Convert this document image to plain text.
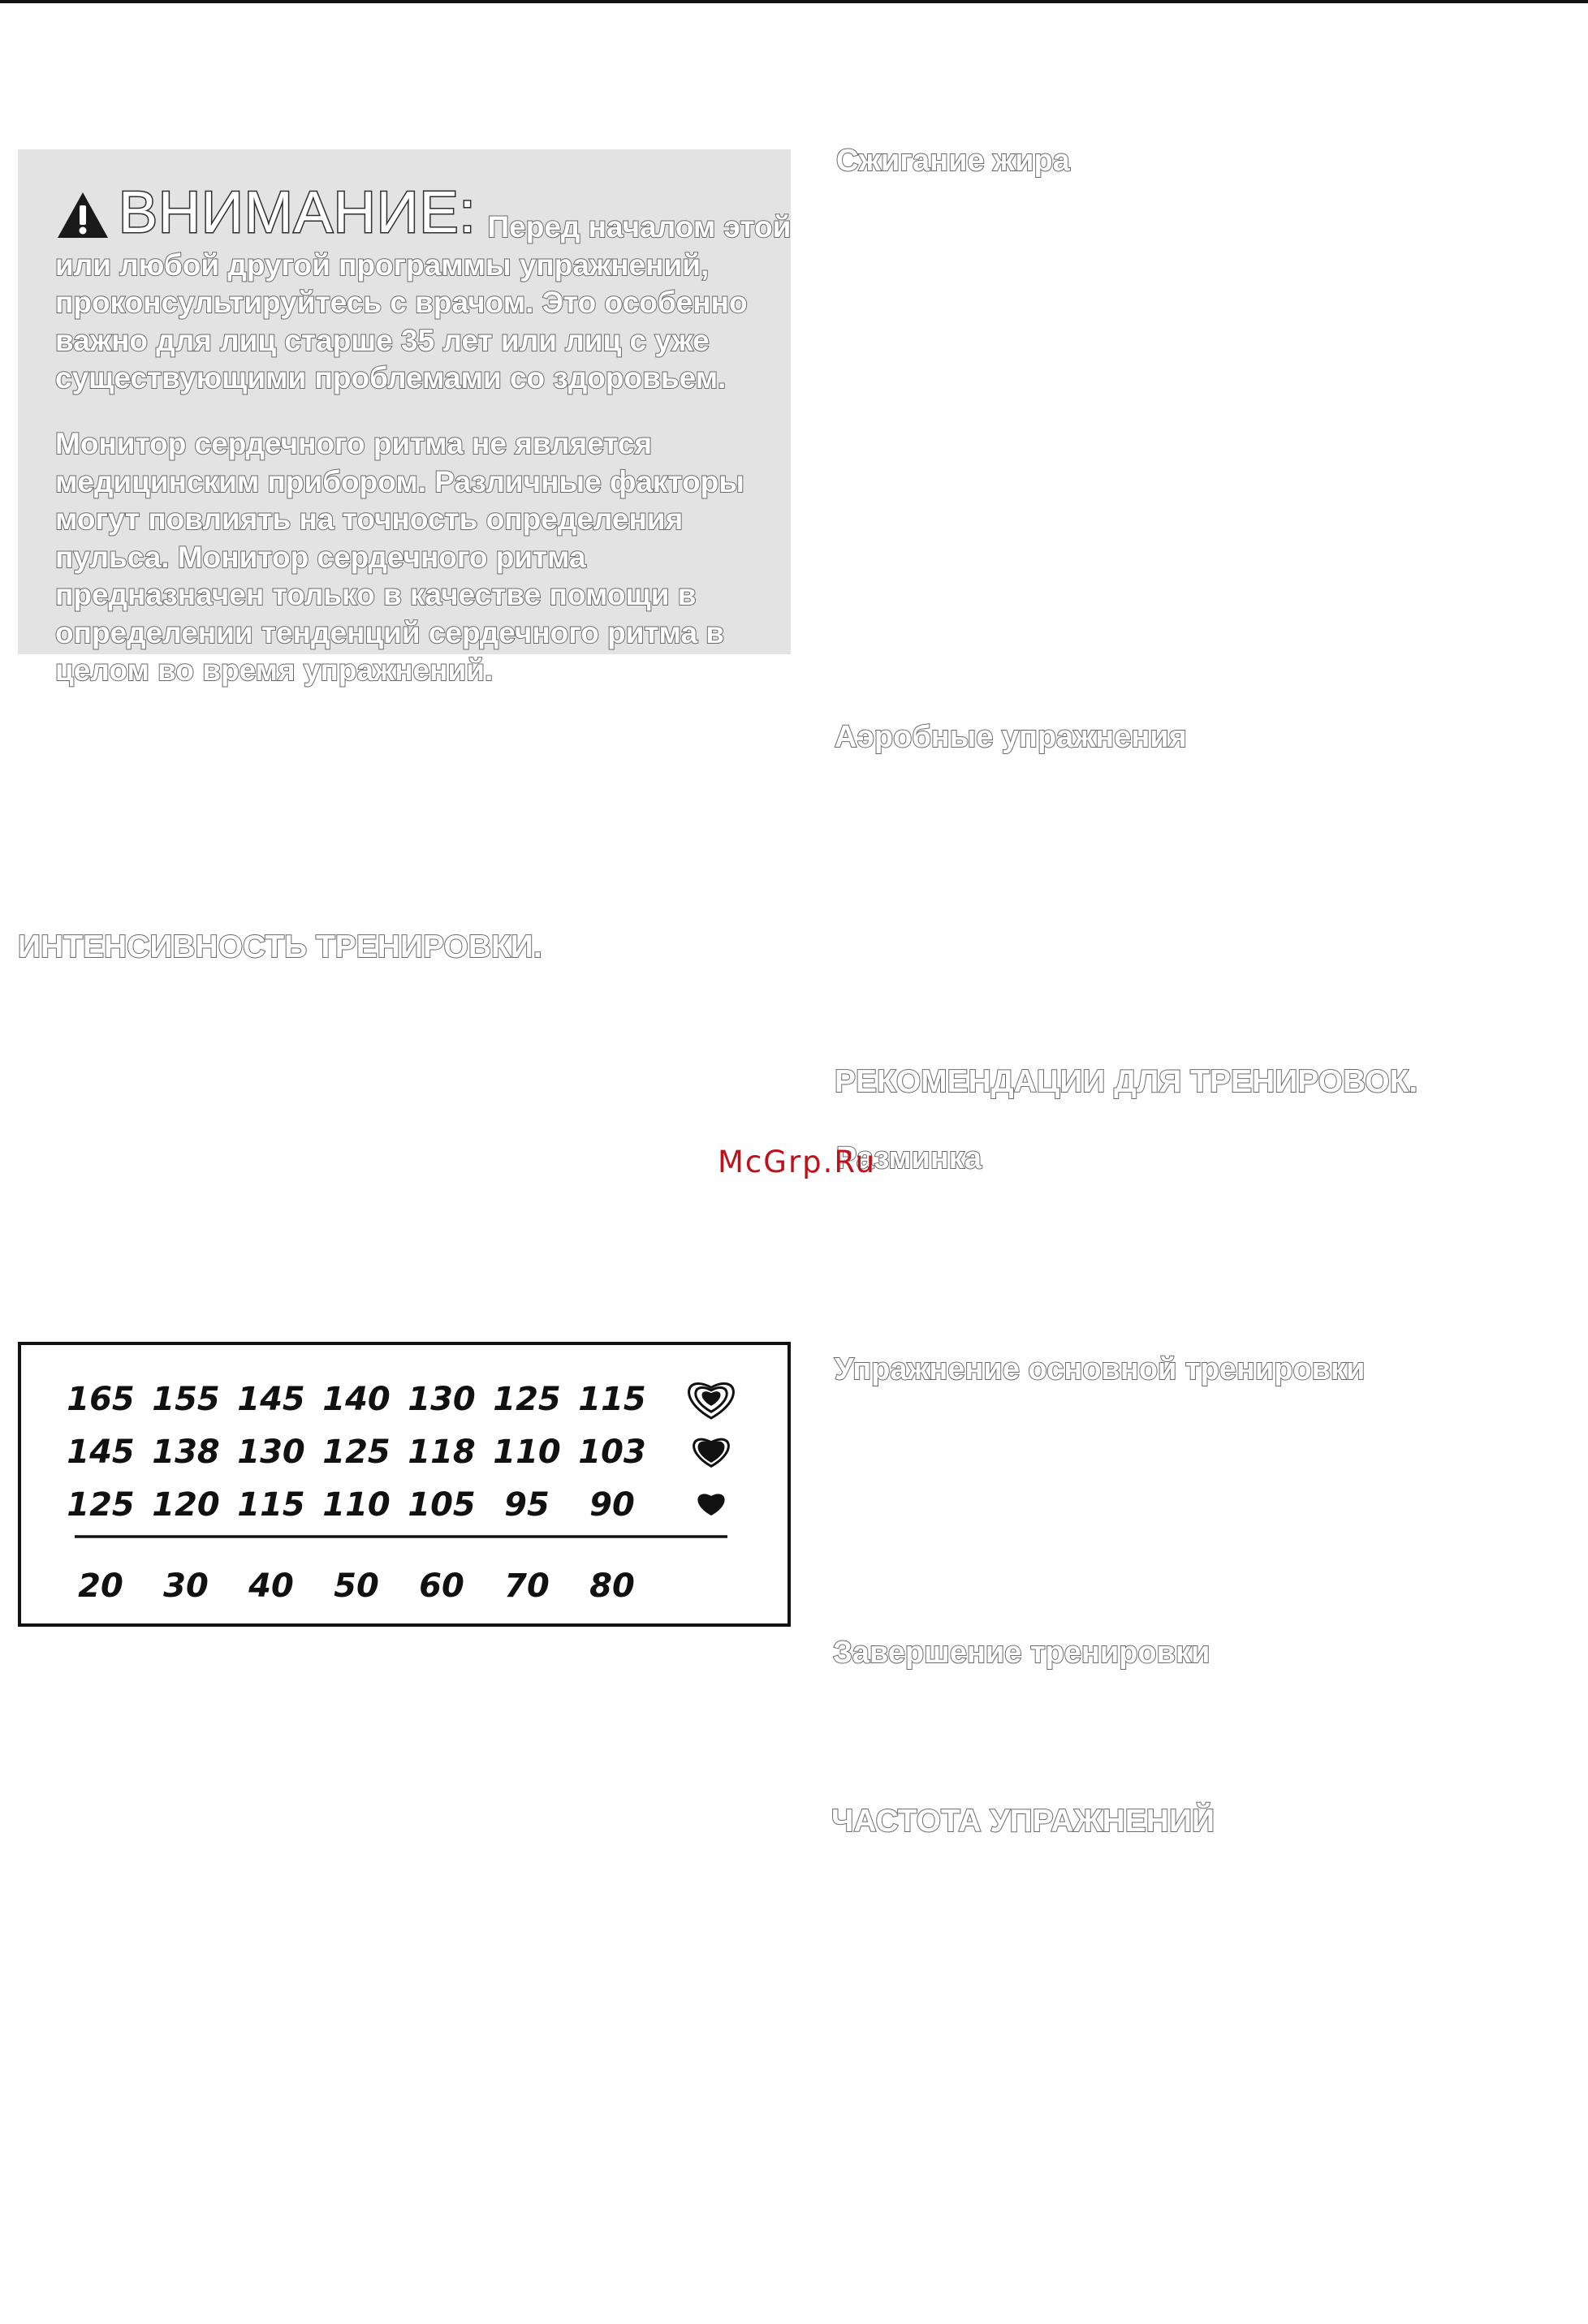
ВНИМАНИЕ: Перед началом этой или любой другой программы упражнений, проконсультируйтесь с врачом. Это особенно важно для лиц старше 35 лет или лиц с уже существующими проблемами со здоровьем.

Монитор сердечного ритма не является медицинским прибором. Различные факторы могут повлиять на точность определения пульса. Монитор сердечного ритма предназначен только в качестве помощи в определении тенденций сердечного ритма в целом во время упражнений.

ИНТЕНСИВНОСТЬ ТРЕНИРОВКИ.
Сжигание жира
Аэробные упражнения
РЕКОМЕНДАЦИИ ДЛЯ ТРЕНИРОВОК.
Разминка
Упражнение основной тренировки
Завершение тренировки
ЧАСТОТА УПРАЖНЕНИЙ

McGrp.Ru

165 155 145 140 130 125 115
145 138 130 125 118 110 103
125 120 115 110 105 95 90
20 30 40 50 60 70 80
